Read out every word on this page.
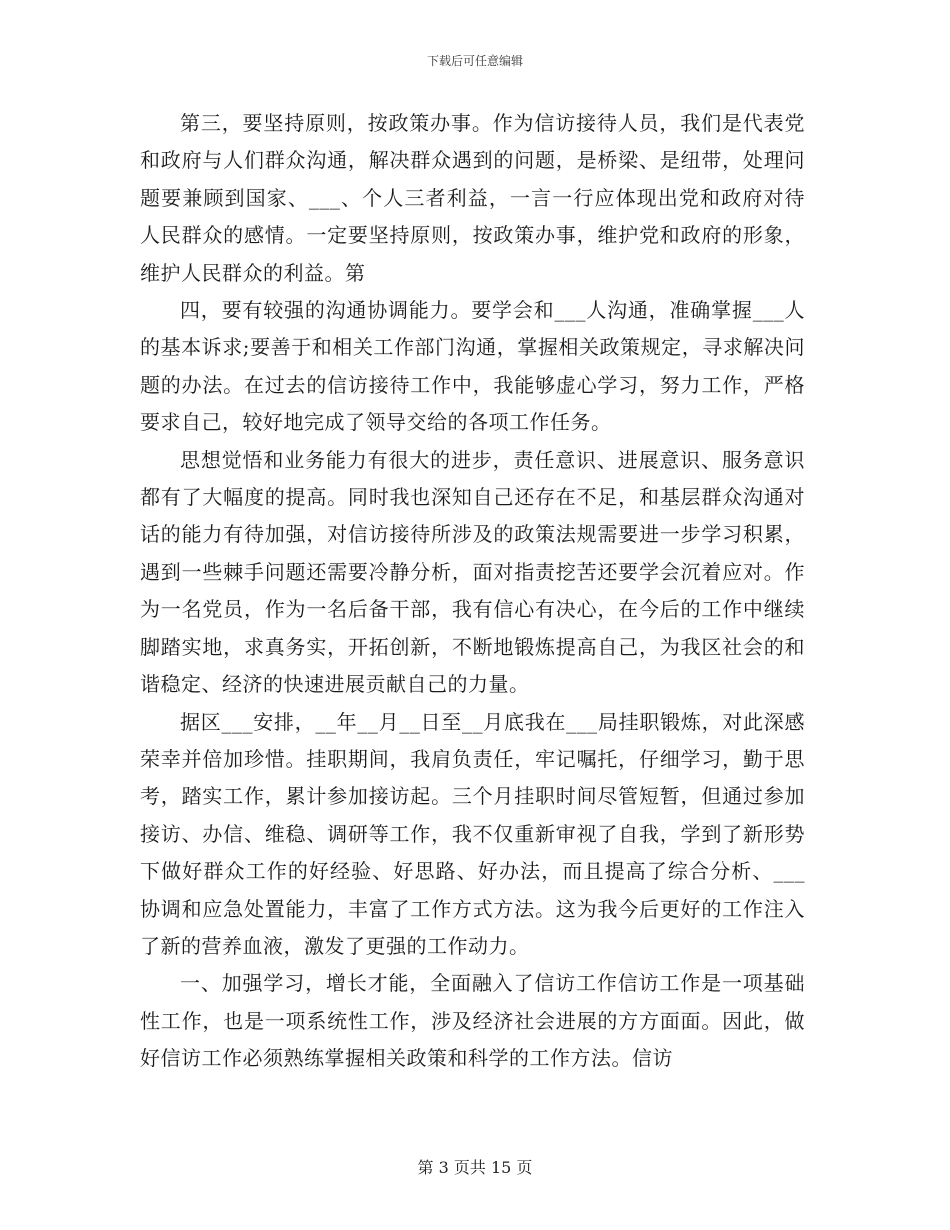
下载后可任意编辑

第三，要坚持原则，按政策办事。作为信访接待人员，我们是代表党和政府与人们群众沟通，解决群众遇到的问题，是桥梁、是纽带，处理问题要兼顾到国家、___、个人三者利益，一言一行应体现出党和政府对待人民群众的感情。一定要坚持原则，按政策办事，维护党和政府的形象，维护人民群众的利益。第

四，要有较强的沟通协调能力。要学会和___人沟通，准确掌握___人的基本诉求;要善于和相关工作部门沟通，掌握相关政策规定，寻求解决问题的办法。在过去的信访接待工作中，我能够虚心学习，努力工作，严格要求自己，较好地完成了领导交给的各项工作任务。

思想觉悟和业务能力有很大的进步，责任意识、进展意识、服务意识都有了大幅度的提高。同时我也深知自己还存在不足，和基层群众沟通对话的能力有待加强，对信访接待所涉及的政策法规需要进一步学习积累，遇到一些棘手问题还需要冷静分析，面对指责挖苦还要学会沉着应对。作为一名党员，作为一名后备干部，我有信心有决心，在今后的工作中继续脚踏实地，求真务实，开拓创新，不断地锻炼提高自己，为我区社会的和谐稳定、经济的快速进展贡献自己的力量。

据区___安排，__年__月__日至__月底我在___局挂职锻炼，对此深感荣幸并倍加珍惜。挂职期间，我肩负责任，牢记嘱托，仔细学习，勤于思考，踏实工作，累计参加接访起。三个月挂职时间尽管短暂，但通过参加接访、办信、维稳、调研等工作，我不仅重新审视了自我，学到了新形势下做好群众工作的好经验、好思路、好办法，而且提高了综合分析、___协调和应急处置能力，丰富了工作方式方法。这为我今后更好的工作注入了新的营养血液，激发了更强的工作动力。

一、加强学习，增长才能，全面融入了信访工作信访工作是一项基础性工作，也是一项系统性工作，涉及经济社会进展的方方面面。因此，做好信访工作必须熟练掌握相关政策和科学的工作方法。信访

第 3 页共 15 页
